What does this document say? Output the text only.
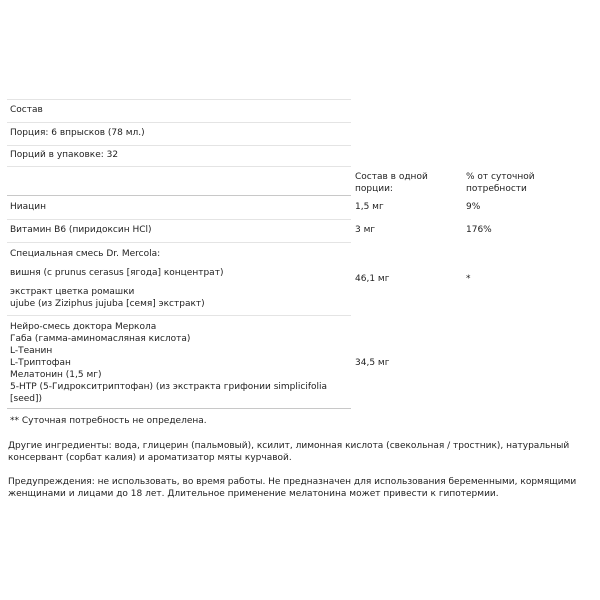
Состав
Порция: 6 впрысков (78 мл.)
Порций в упаковке: 32
Состав в одной
порции:
% от суточной
потребности
Ниацин	1,5 мг	9%
Витамин B6 (пиридоксин HCl)	3 мг	176%
Специальная смесь Dr. Mercola:
вишня (с prunus cerasus [ягода] концентрат)
экстракт цветка ромашки
ujube (из Ziziphus jujuba [семя] экстракт)
46,1 мг	*
Нейро-смесь доктора Меркола
Габа (гамма-аминомасляная кислота)
L-Теанин
L-Триптофан
Мелатонин (1,5 мг)
5-HTP (5-Гидрокситриптофан) (из экстракта грифонии simplicifolia
[seed])
34,5 мг
** Суточная потребность не определена.

Другие ингредиенты: вода, глицерин (пальмовый), ксилит, лимонная кислота (свекольная / тростник), натуральный консервант (сорбат калия) и ароматизатор мяты курчавой.

Предупреждения: не использовать, во время работы. Не предназначен для использования беременными, кормящими женщинами и лицами до 18 лет. Длительное применение мелатонина может привести к гипотермии.
